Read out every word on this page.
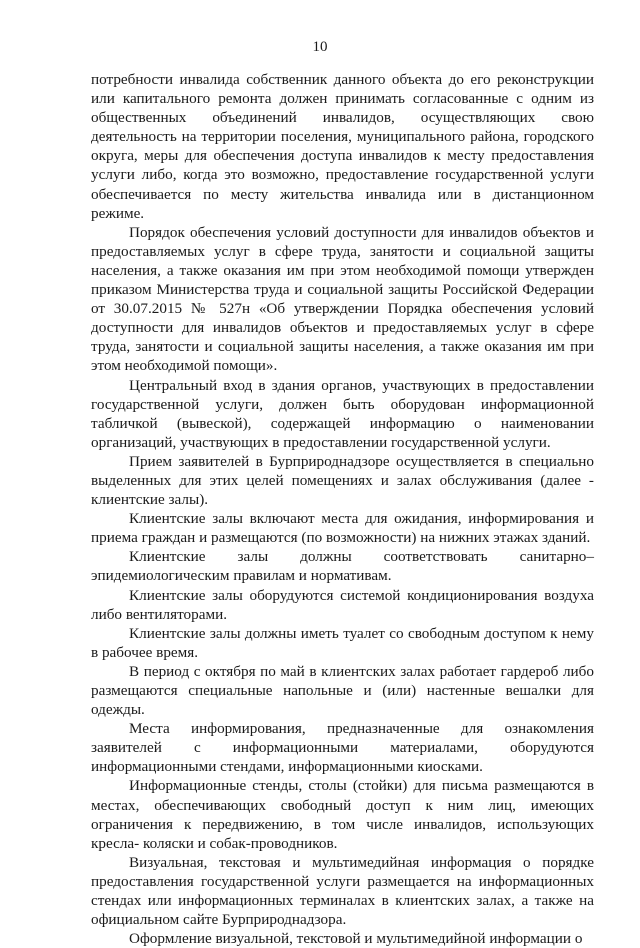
10

потребности инвалида собственник данного объекта до его реконструкции или капитального ремонта должен принимать согласованные с одним из общественных объединений инвалидов, осуществляющих свою деятельность на территории поселения, муниципального района, городского округа, меры для обеспечения доступа инвалидов к месту предоставления услуги либо, когда это возможно, предоставление государственной услуги обеспечивается по месту жительства инвалида или в дистанционном режиме.

Порядок обеспечения условий доступности для инвалидов объектов и предоставляемых услуг в сфере труда, занятости и социальной защиты населения, а также оказания им при этом необходимой помощи утвержден приказом Министерства труда и социальной защиты Российской Федерации от 30.07.2015 № 527н «Об утверждении Порядка обеспечения условий доступности для инвалидов объектов и предоставляемых услуг в сфере труда, занятости и социальной защиты населения, а также оказания им при этом необходимой помощи».

Центральный вход в здания органов, участвующих в предоставлении государственной услуги, должен быть оборудован информационной табличкой (вывеской), содержащей информацию о наименовании организаций, участвующих в предоставлении государственной услуги.

Прием заявителей в Бурприроднадзоре осуществляется в специально выделенных для этих целей помещениях и залах обслуживания (далее - клиентские залы).

Клиентские залы включают места для ожидания, информирования и приема граждан и размещаются (по возможности) на нижних этажах зданий.

Клиентские залы должны соответствовать санитарно–эпидемиологическим правилам и нормативам.

Клиентские залы оборудуются системой кондиционирования воздуха либо вентиляторами.

Клиентские залы должны иметь туалет со свободным доступом к нему в рабочее время.

В период с октября по май в клиентских залах работает гардероб либо размещаются специальные напольные и (или) настенные вешалки для одежды.

Места информирования, предназначенные для ознакомления заявителей с информационными материалами, оборудуются информационными стендами, информационными киосками.

Информационные стенды, столы (стойки) для письма размещаются в местах, обеспечивающих свободный доступ к ним лиц, имеющих ограничения к передвижению, в том числе инвалидов, использующих кресла- коляски и собак-проводников.

Визуальная, текстовая и мультимедийная информация о порядке предоставления государственной услуги размещается на информационных стендах или информационных терминалах в клиентских залах, а также на официальном сайте Бурприроднадзора.

Оформление визуальной, текстовой и мультимедийной информации о
